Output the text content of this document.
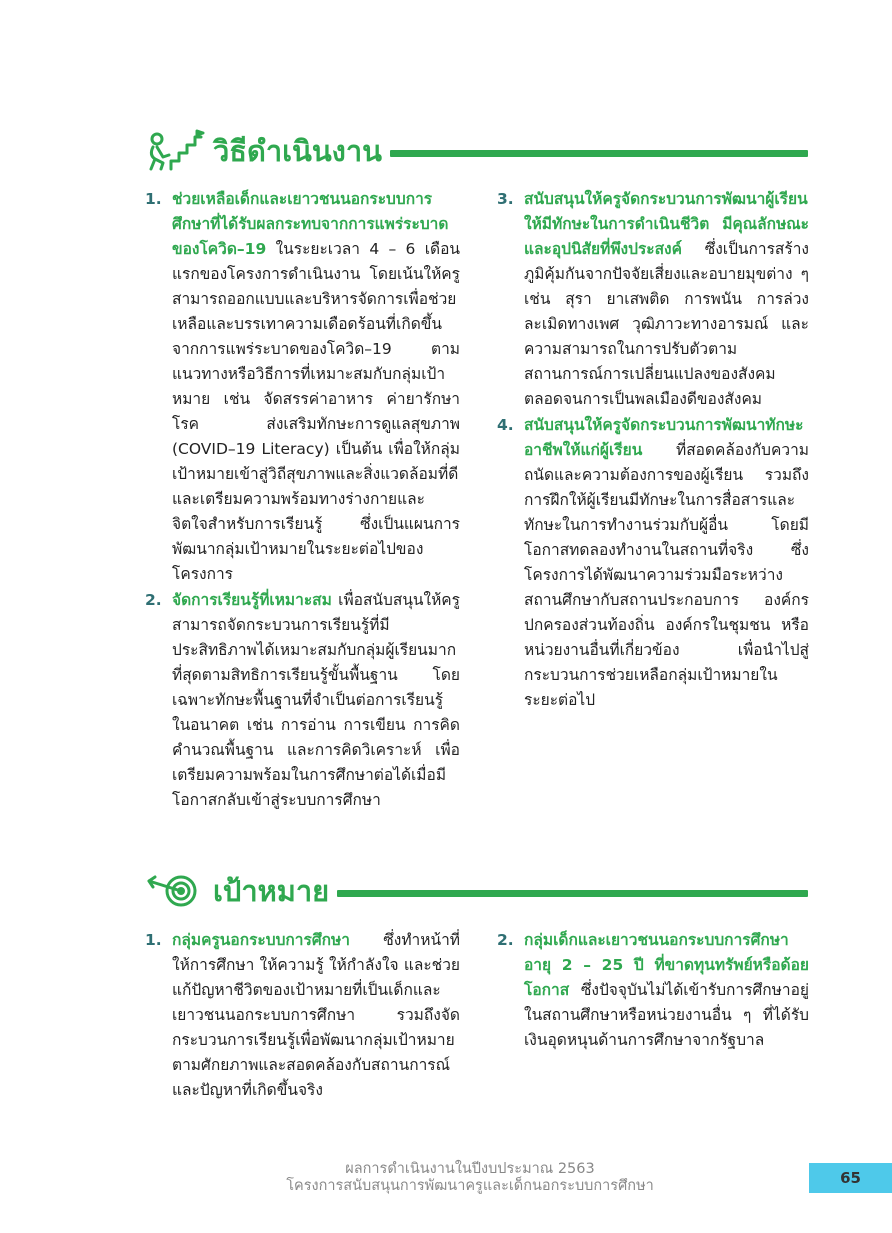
วิธีดำเนินงาน
1. ช่วยเหลือเด็กและเยาวชนนอกระบบการศึกษาที่ได้รับผลกระทบจากการแพร่ระบาดของโควิด–19 ในระยะเวลา 4 – 6 เดือนแรกของโครงการดำเนินงาน โดยเน้นให้ครูสามารถออกแบบและบริหารจัดการเพื่อช่วยเหลือและบรรเทาความเดือดร้อนที่เกิดขึ้นจากการแพร่ระบาดของโควิด–19 ตามแนวทางหรือวิธีการที่เหมาะสมกับกลุ่มเป้าหมาย เช่น จัดสรรค่าอาหาร ค่ายารักษาโรค ส่งเสริมทักษะการดูแลสุขภาพ (COVID–19 Literacy) เป็นต้น เพื่อให้กลุ่มเป้าหมายเข้าสู่วิถีสุขภาพและสิ่งแวดล้อมที่ดี และเตรียมความพร้อมทางร่างกายและจิตใจสำหรับการเรียนรู้ ซึ่งเป็นแผนการพัฒนากลุ่มเป้าหมายในระยะต่อไปของโครงการ
2. จัดการเรียนรู้ที่เหมาะสม เพื่อสนับสนุนให้ครูสามารถจัดกระบวนการเรียนรู้ที่มีประสิทธิภาพได้เหมาะสมกับกลุ่มผู้เรียนมากที่สุดตามสิทธิการเรียนรู้ขั้นพื้นฐาน โดยเฉพาะทักษะพื้นฐานที่จำเป็นต่อการเรียนรู้ในอนาคต เช่น การอ่าน การเขียน การคิดคำนวณพื้นฐาน และการคิดวิเคราะห์ เพื่อเตรียมความพร้อมในการศึกษาต่อได้เมื่อมีโอกาสกลับเข้าสู่ระบบการศึกษา
3. สนับสนุนให้ครูจัดกระบวนการพัฒนาผู้เรียนให้มีทักษะในการดำเนินชีวิต มีคุณลักษณะและอุปนิสัยที่พึงประสงค์ ซึ่งเป็นการสร้างภูมิคุ้มกันจากปัจจัยเสี่ยงและอบายมุขต่าง ๆ เช่น สุรา ยาเสพติด การพนัน การล่วงละเมิดทางเพศ วุฒิภาวะทางอารมณ์ และความสามารถในการปรับตัวตามสถานการณ์การเปลี่ยนแปลงของสังคม ตลอดจนการเป็นพลเมืองดีของสังคม
4. สนับสนุนให้ครูจัดกระบวนการพัฒนาทักษะอาชีพให้แก่ผู้เรียน ที่สอดคล้องกับความถนัดและความต้องการของผู้เรียน รวมถึงการฝึกให้ผู้เรียนมีทักษะในการสื่อสารและทักษะในการทำงานร่วมกับผู้อื่น โดยมีโอกาสทดลองทำงานในสถานที่จริง ซึ่งโครงการได้พัฒนาความร่วมมือระหว่างสถานศึกษากับสถานประกอบการ องค์กรปกครองส่วนท้องถิ่น องค์กรในชุมชน หรือหน่วยงานอื่นที่เกี่ยวข้อง เพื่อนำไปสู่กระบวนการช่วยเหลือกลุ่มเป้าหมายในระยะต่อไป
เป้าหมาย
1. กลุ่มครูนอกระบบการศึกษา ซึ่งทำหน้าที่ให้การศึกษา ให้ความรู้ ให้กำลังใจ และช่วยแก้ปัญหาชีวิตของเป้าหมายที่เป็นเด็กและเยาวชนนอกระบบการศึกษา รวมถึงจัดกระบวนการเรียนรู้เพื่อพัฒนากลุ่มเป้าหมายตามศักยภาพและสอดคล้องกับสถานการณ์และปัญหาที่เกิดขึ้นจริง
2. กลุ่มเด็กและเยาวชนนอกระบบการศึกษาอายุ 2 – 25 ปี ที่ขาดทุนทรัพย์หรือด้อยโอกาส ซึ่งปัจจุบันไม่ได้เข้ารับการศึกษาอยู่ในสถานศึกษาหรือหน่วยงานอื่น ๆ ที่ได้รับเงินอุดหนุนด้านการศึกษาจากรัฐบาล
ผลการดำเนินงานในปีงบประมาณ 2563
โครงการสนับสนุนการพัฒนาครูและเด็กนอกระบบการศึกษา	65
